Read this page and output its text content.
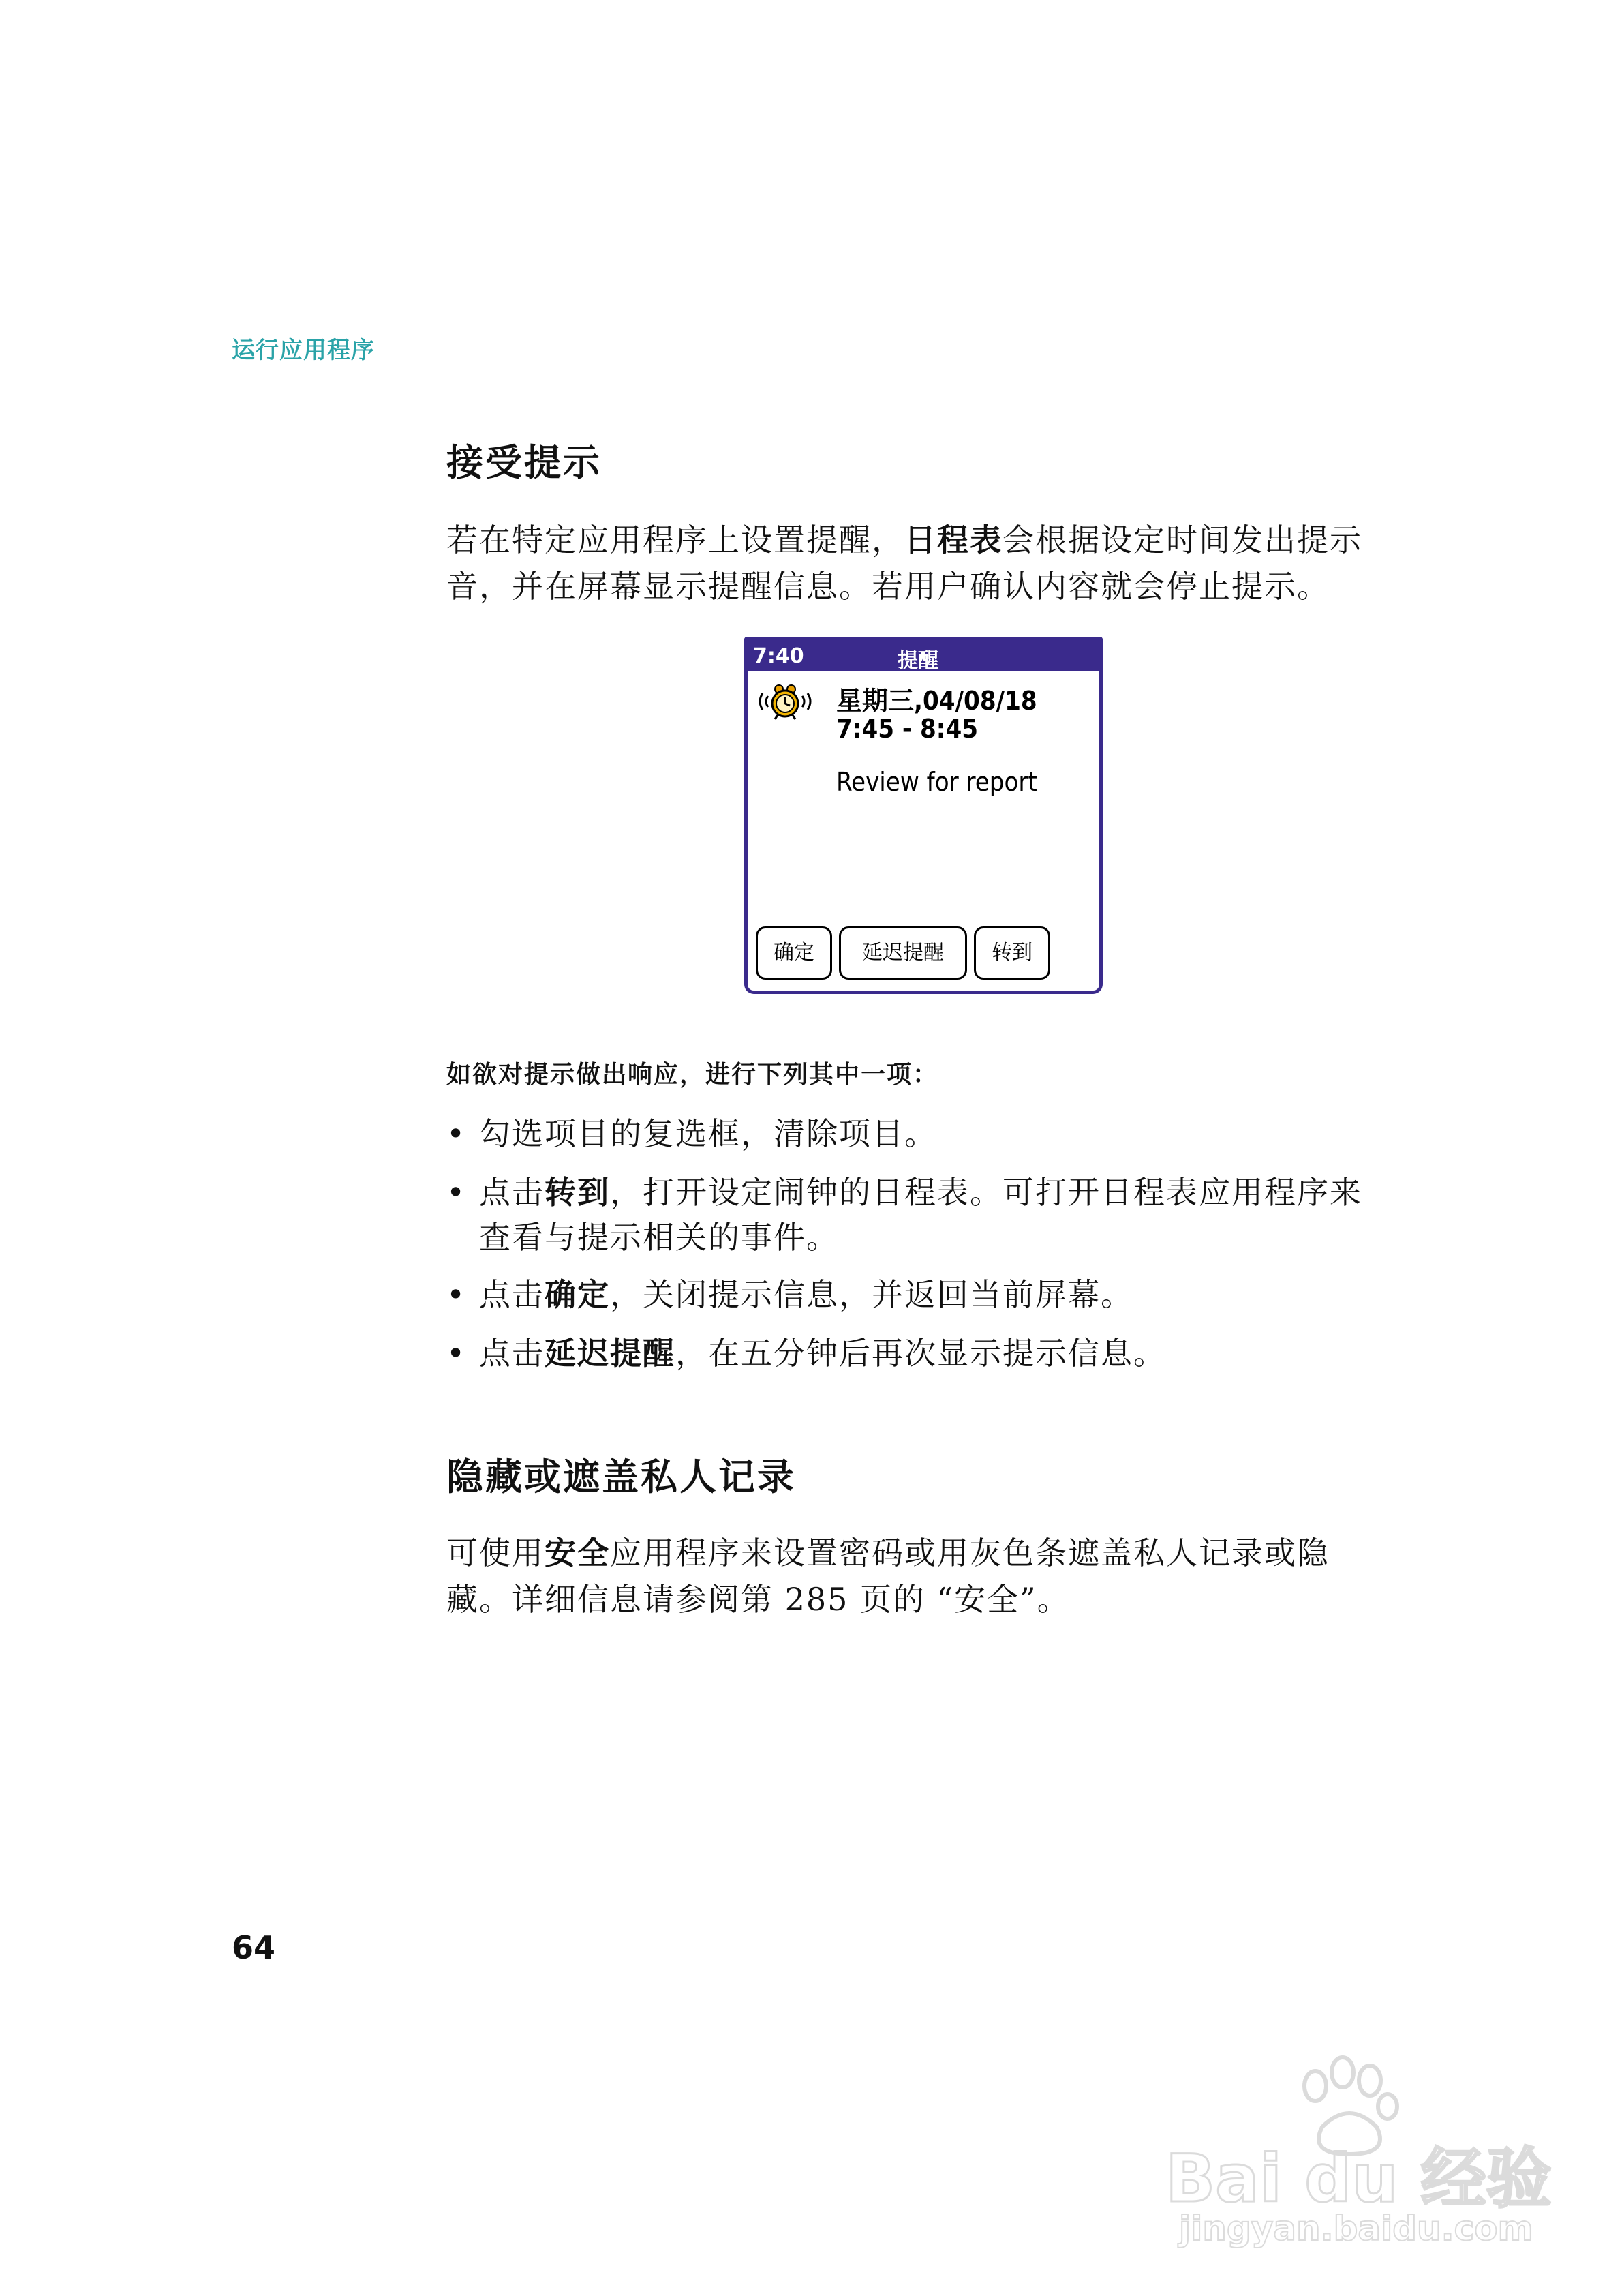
运行应用程序
接受提示
若在特定应用程序上设置提醒，日程表会根据设定时间发出提示
音，并在屏幕显示提醒信息。若用户确认内容就会停止提示。
7:40	提醒
星期三,04/08/18
7:45 - 8:45
Review for report
确定	延迟提醒	转到
如欲对提示做出响应，进行下列其中一项：
• 勾选项目的复选框，清除项目。
• 点击转到，打开设定闹钟的日程表。可打开日程表应用程序来
查看与提示相关的事件。
• 点击确定，关闭提示信息，并返回当前屏幕。
• 点击延迟提醒，在五分钟后再次显示提示信息。
隐藏或遮盖私人记录
可使用安全应用程序来设置密码或用灰色条遮盖私人记录或隐
藏。详细信息请参阅第 285 页的 “安全”。
64
Bai du 经验
jingyan.baidu.com
